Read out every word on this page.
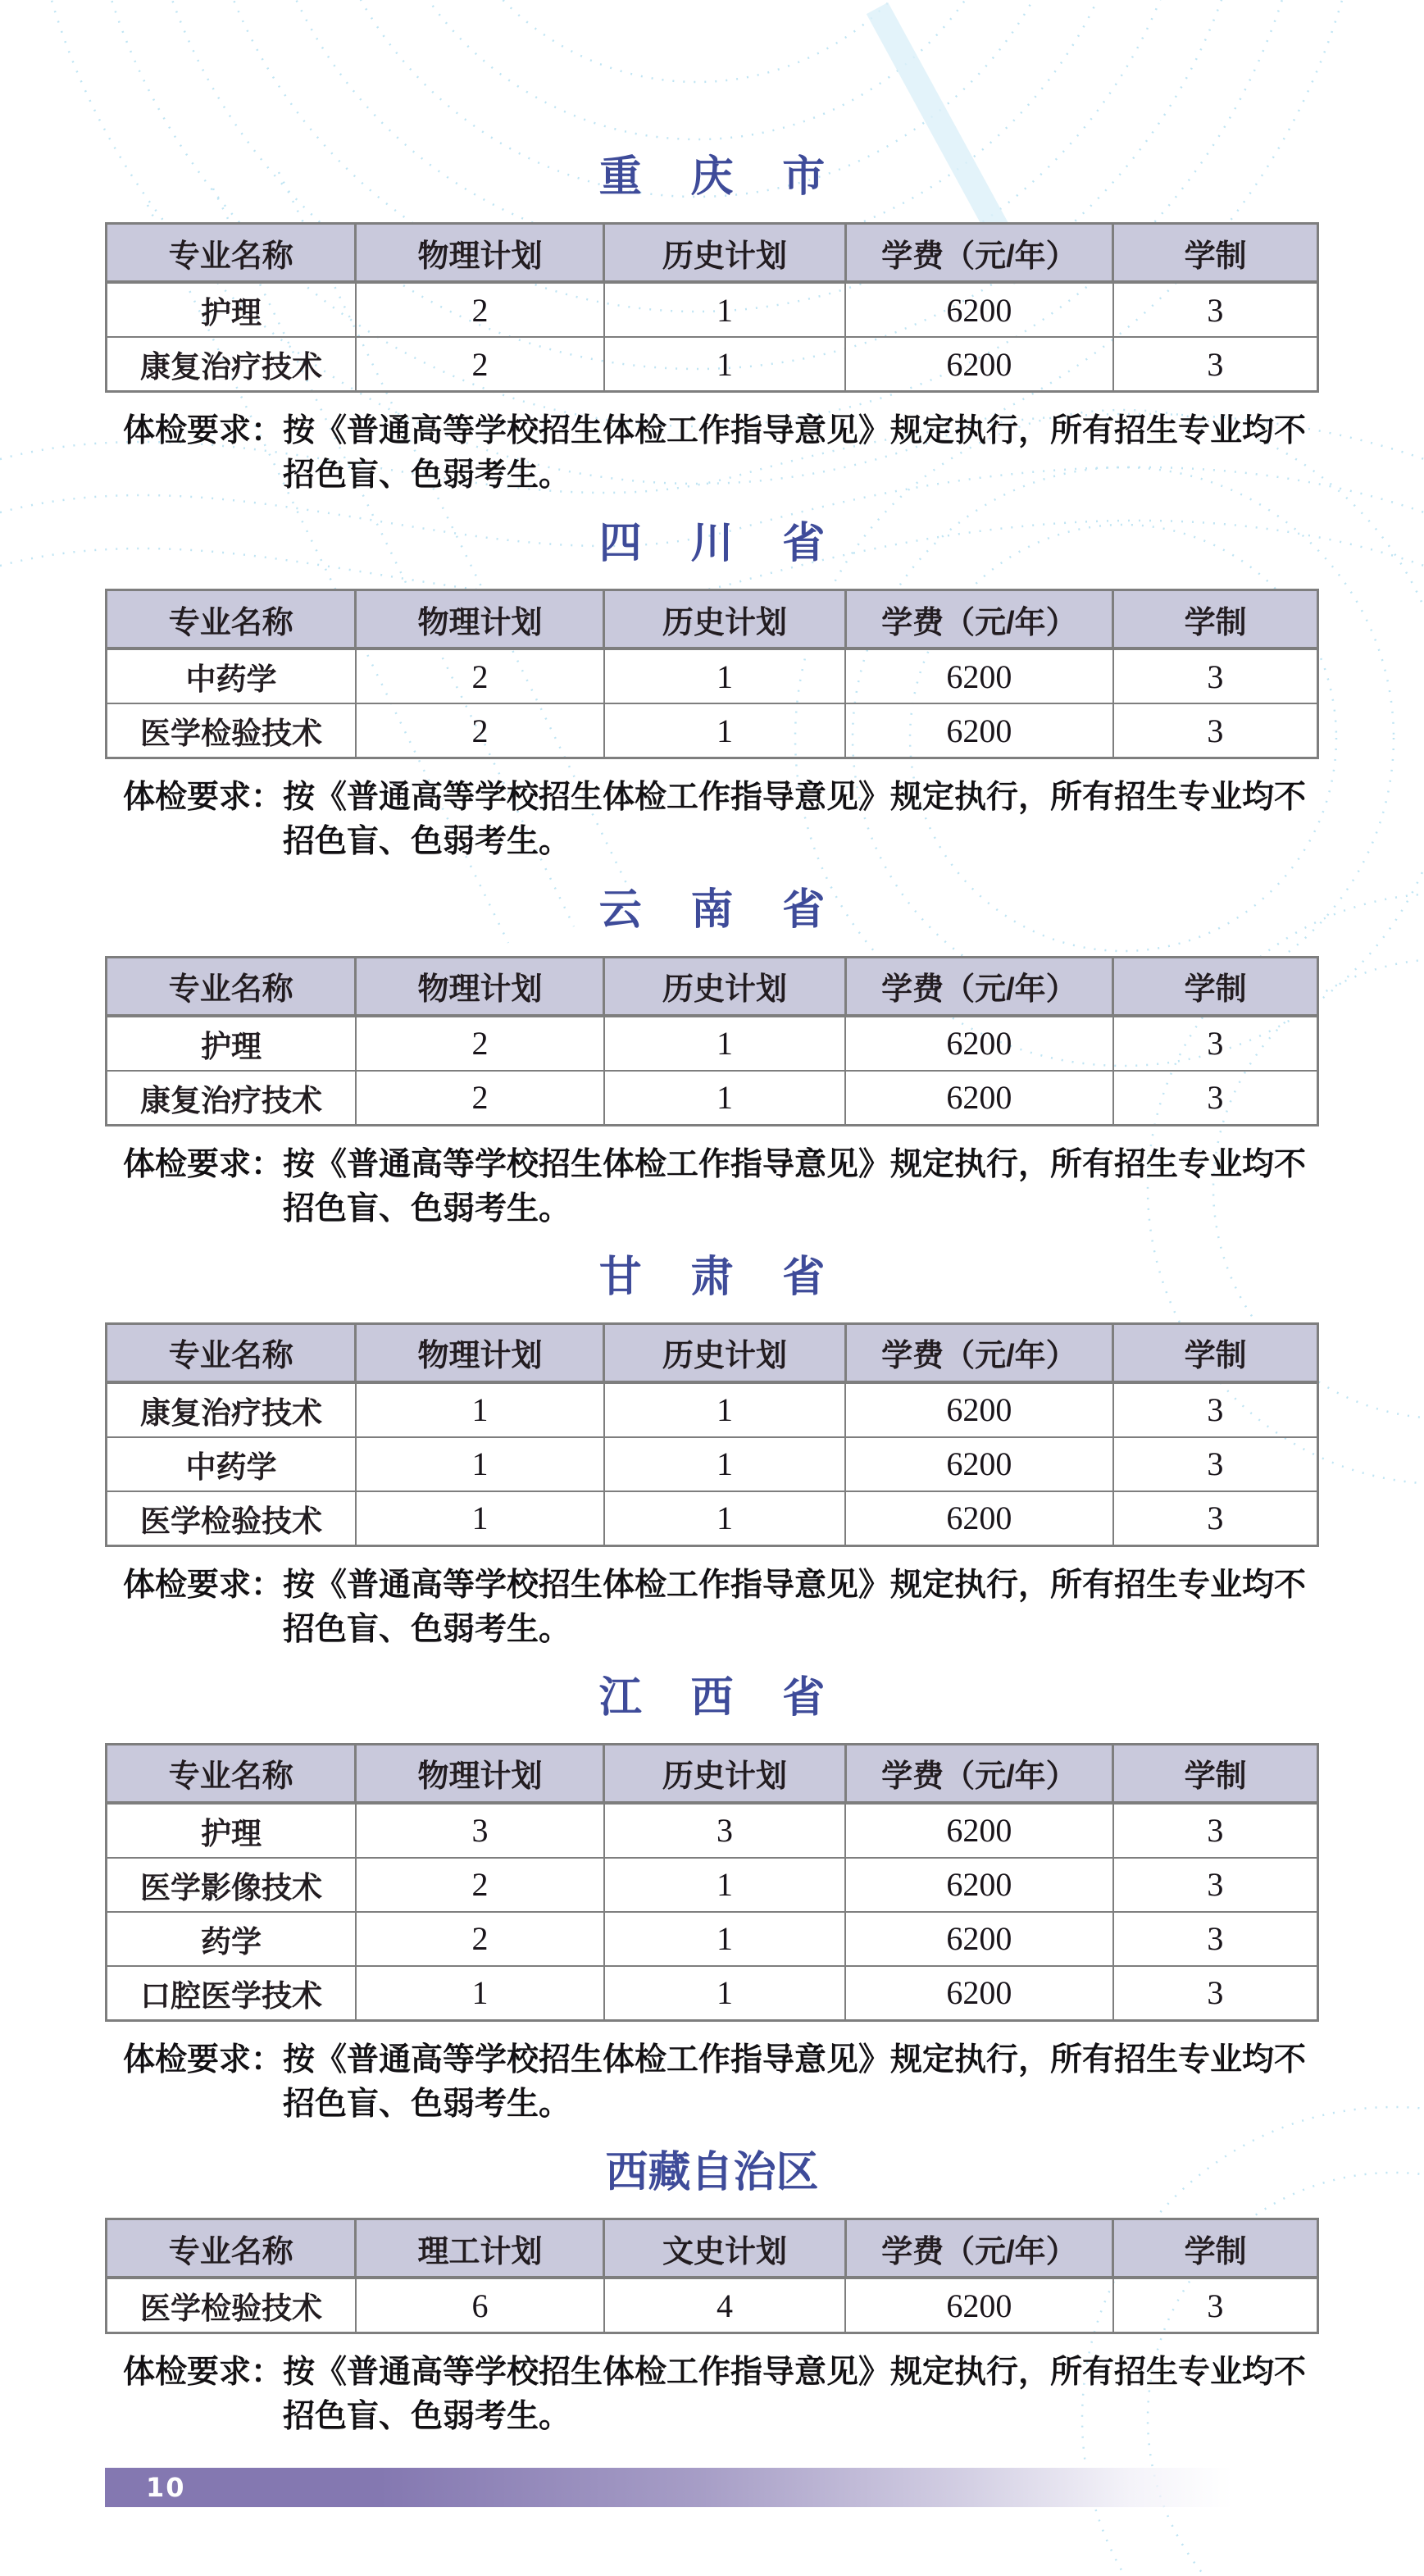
重庆市
专业名称	物理计划	历史计划	学费（元/年）	学制
护理	2	1	6200	3
康复治疗技术	2	1	6200	3

体检要求：按《普通高等学校招生体检工作指导意见》规定执行，所有招生专业均不招色盲、色弱考生。

四川省
专业名称	物理计划	历史计划	学费（元/年）	学制
中药学	2	1	6200	3
医学检验技术	2	1	6200	3

体检要求：按《普通高等学校招生体检工作指导意见》规定执行，所有招生专业均不招色盲、色弱考生。

云南省
专业名称	物理计划	历史计划	学费（元/年）	学制
护理	2	1	6200	3
康复治疗技术	2	1	6200	3

体检要求：按《普通高等学校招生体检工作指导意见》规定执行，所有招生专业均不招色盲、色弱考生。

甘肃省
专业名称	物理计划	历史计划	学费（元/年）	学制
康复治疗技术	1	1	6200	3
中药学	1	1	6200	3
医学检验技术	1	1	6200	3

体检要求：按《普通高等学校招生体检工作指导意见》规定执行，所有招生专业均不招色盲、色弱考生。

江西省
专业名称	物理计划	历史计划	学费（元/年）	学制
护理	3	3	6200	3
医学影像技术	2	1	6200	3
药学	2	1	6200	3
口腔医学技术	1	1	6200	3

体检要求：按《普通高等学校招生体检工作指导意见》规定执行，所有招生专业均不招色盲、色弱考生。

西藏自治区
专业名称	理工计划	文史计划	学费（元/年）	学制
医学检验技术	6	4	6200	3

体检要求：按《普通高等学校招生体检工作指导意见》规定执行，所有招生专业均不招色盲、色弱考生。

10
